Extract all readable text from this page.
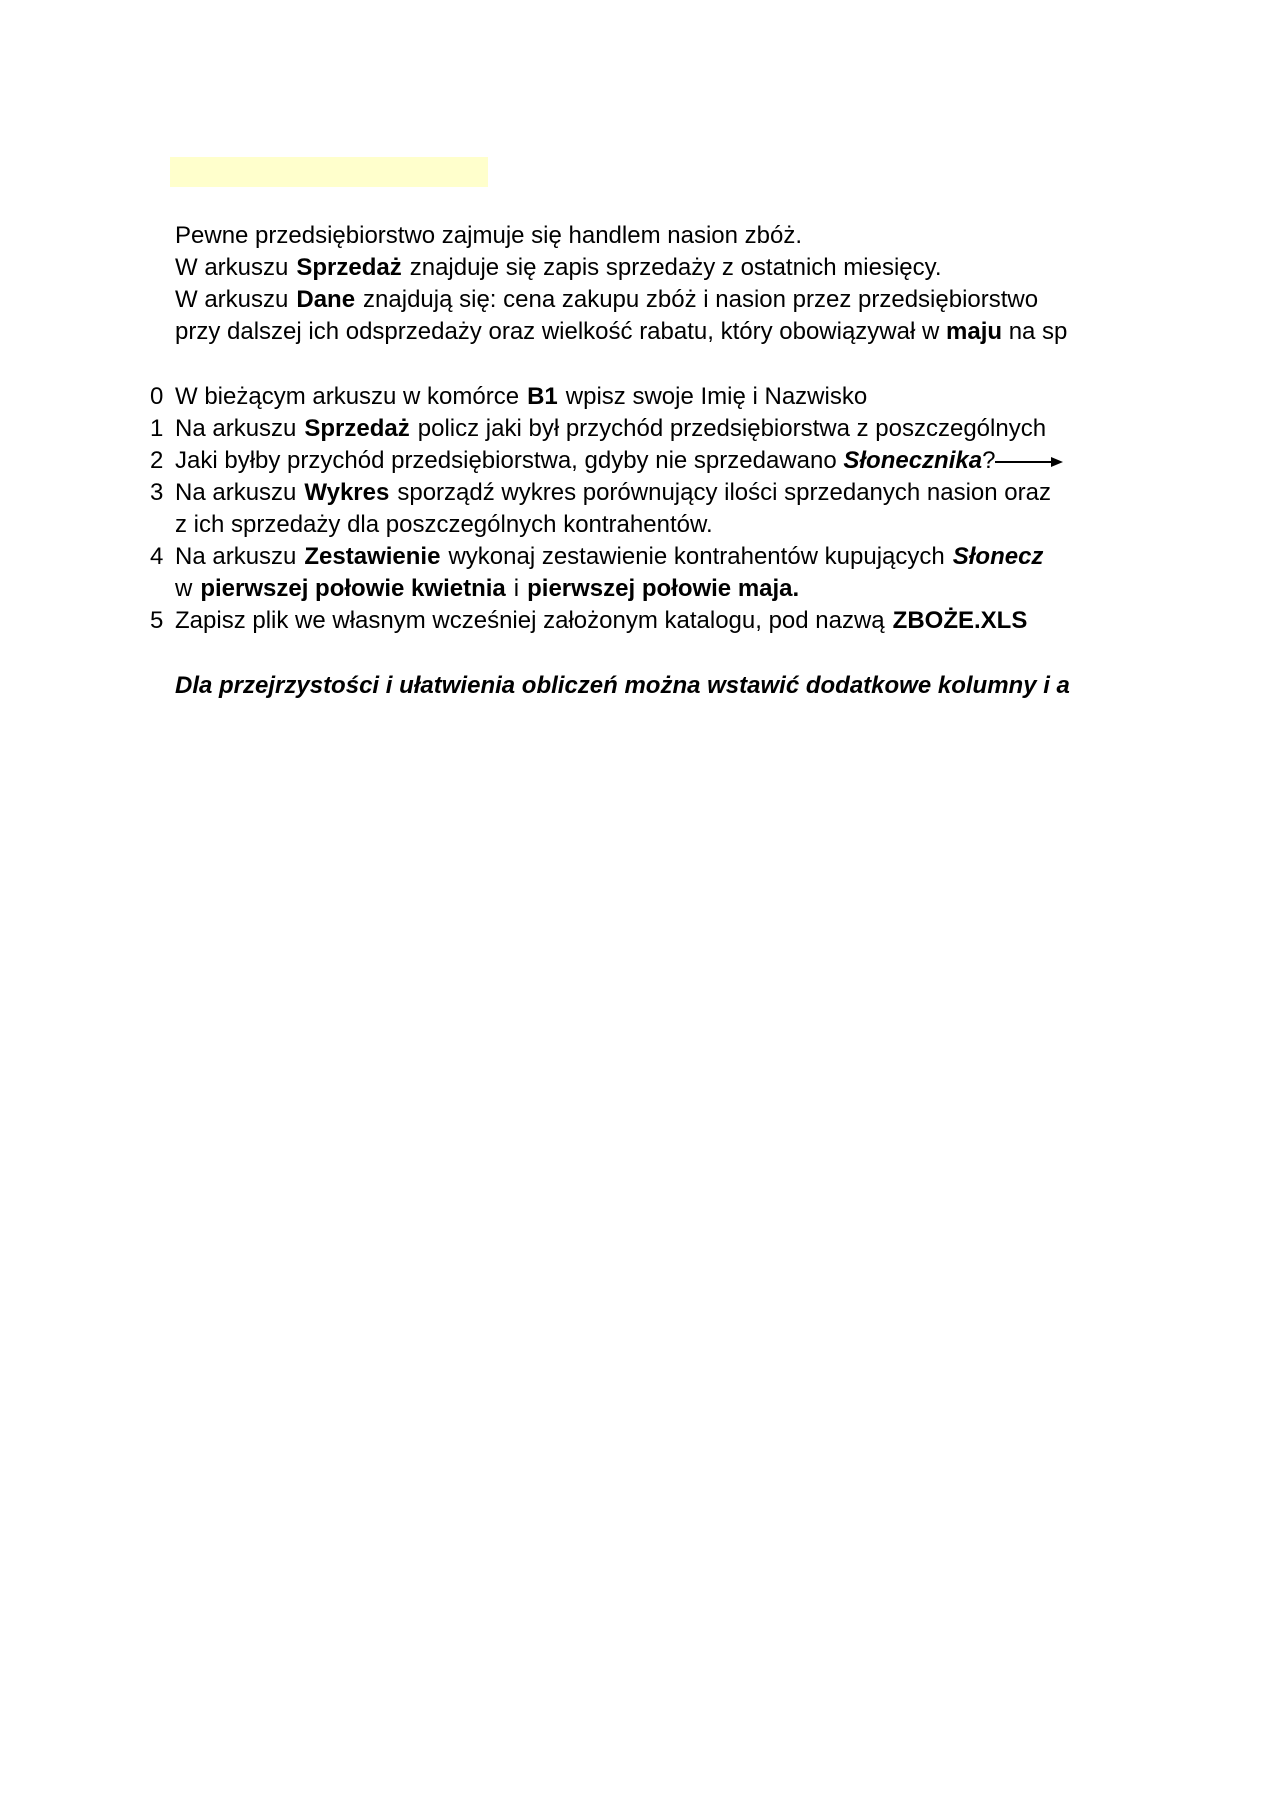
Pewne przedsiębiorstwo zajmuje się handlem nasion zbóż.
W arkuszu Sprzedaż znajduje się zapis sprzedaży z ostatnich miesięcy.
W arkuszu Dane znajdują się: cena zakupu zbóż i nasion przez przedsiębiorstwo
przy dalszej ich odsprzedaży oraz wielkość rabatu, który obowiązywał w maju na sp
0 W bieżącym arkuszu w komórce B1 wpisz swoje Imię i Nazwisko
1 Na arkuszu Sprzedaż policz jaki był przychód przedsiębiorstwa z poszczególnych
2 Jaki byłby przychód przedsiębiorstwa, gdyby nie sprzedawano Słonecznika?
3 Na arkuszu Wykres sporządź wykres porównujący ilości sprzedanych nasion oraz
z ich sprzedaży dla poszczególnych kontrahentów.
4 Na arkuszu Zestawienie wykonaj zestawienie kontrahentów kupujących Słonecz
w pierwszej połowie kwietnia i pierwszej połowie maja.
5 Zapisz plik we własnym wcześniej założonym katalogu, pod nazwą ZBOŻE.XLS
Dla przejrzystości i ułatwienia obliczeń można wstawić dodatkowe kolumny i a
